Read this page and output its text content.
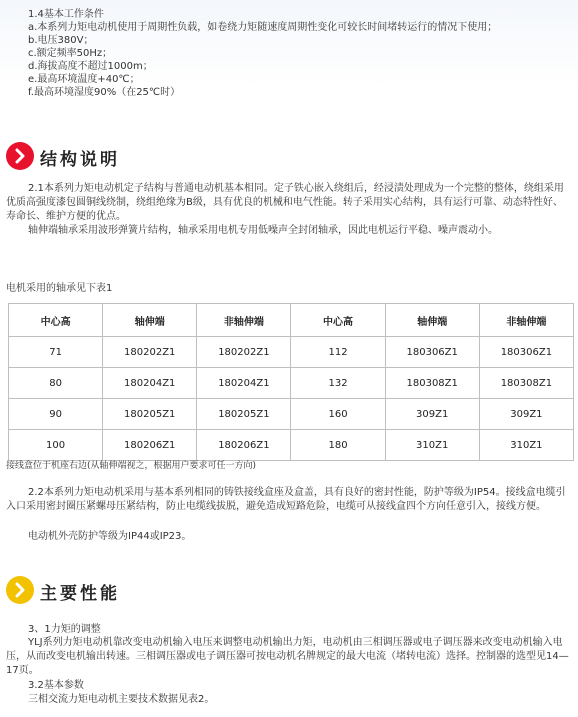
1.4基本工作条件
a.本系列力矩电动机使用于周期性负载，如卷绕力矩随速度周期性变化可较长时间堵转运行的情况下使用；
b.电压380V；
c.额定频率50Hz；
d.海拔高度不超过1000m；
e.最高环境温度+40℃；
f.最高环境湿度90%（在25℃时）
结构说明
2.1本系列力矩电动机定子结构与普通电动机基本相同。定子铁心嵌入绕组后，经浸渍处理成为一个完整的整体，绕组采用优质高强度漆包圆铜线绕制，绕组绝缘为B级，具有优良的机械和电气性能。转子采用实心结构，具有运行可靠、动态特性好、寿命长、维护方便的优点。
轴伸端轴承采用波形弹簧片结构，轴承采用电机专用低噪声全封闭轴承，因此电机运行平稳、噪声震动小。
电机采用的轴承见下表1
中心高	轴伸端	非轴伸端	中心高	轴伸端	非轴伸端
71	180202Z1	180202Z1	112	180306Z1	180306Z1
80	180204Z1	180204Z1	132	180308Z1	180308Z1
90	180205Z1	180205Z1	160	309Z1	309Z1
100	180206Z1	180206Z1	180	310Z1	310Z1
接线盒位于机座右边(从轴伸端视之，根据用户要求可任一方向)
2.2本系列力矩电动机采用与基本系列相同的铸铁接线盒座及盒盖，具有良好的密封性能，防护等级为IP54。接线盒电缆引入口采用密封圈压紧螺母压紧结构，防止电缆线拔脱，避免造成短路危险，电缆可从接线盒四个方向任意引入，接线方便。
电动机外壳防护等级为IP44或IP23。
主要性能
3、1力矩的调整
YLJ系列力矩电动机靠改变电动机输入电压来调整电动机输出力矩，电动机由三相调压器或电子调压器来改变电动机输入电压，从而改变电机输出转速。三相调压器或电子调压器可按电动机名牌规定的最大电流（堵转电流）选择。控制器的选型见14—17页。
3.2基本参数
三相交流力矩电动机主要技术数据见表2。
